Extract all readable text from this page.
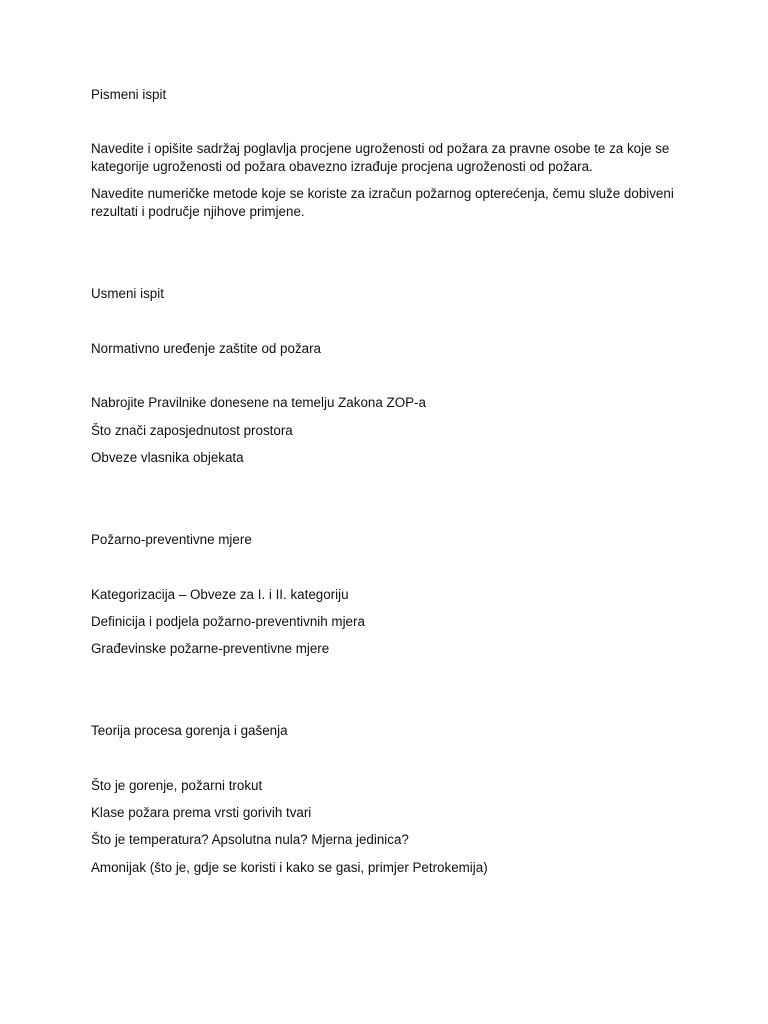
Pismeni ispit
Navedite i opišite sadržaj poglavlja procjene ugroženosti od požara za pravne osobe te za koje se kategorije ugroženosti od požara obavezno izrađuje procjena ugroženosti od požara.
Navedite numeričke metode koje se koriste za izračun požarnog opterećenja, čemu služe dobiveni rezultati i područje njihove primjene.
Usmeni ispit
Normativno uređenje zaštite od požara
Nabrojite Pravilnike donesene na temelju Zakona ZOP-a
Što znači zaposjednutost prostora
Obveze vlasnika objekata
Požarno-preventivne mjere
Kategorizacija – Obveze za I. i II. kategoriju
Definicija i podjela požarno-preventivnih mjera
Građevinske požarne-preventivne mjere
Teorija procesa gorenja i gašenja
Što je gorenje, požarni trokut
Klase požara prema vrsti gorivih tvari
Što je temperatura? Apsolutna nula? Mjerna jedinica?
Amonijak (što je, gdje se koristi i kako se gasi, primjer Petrokemija)
